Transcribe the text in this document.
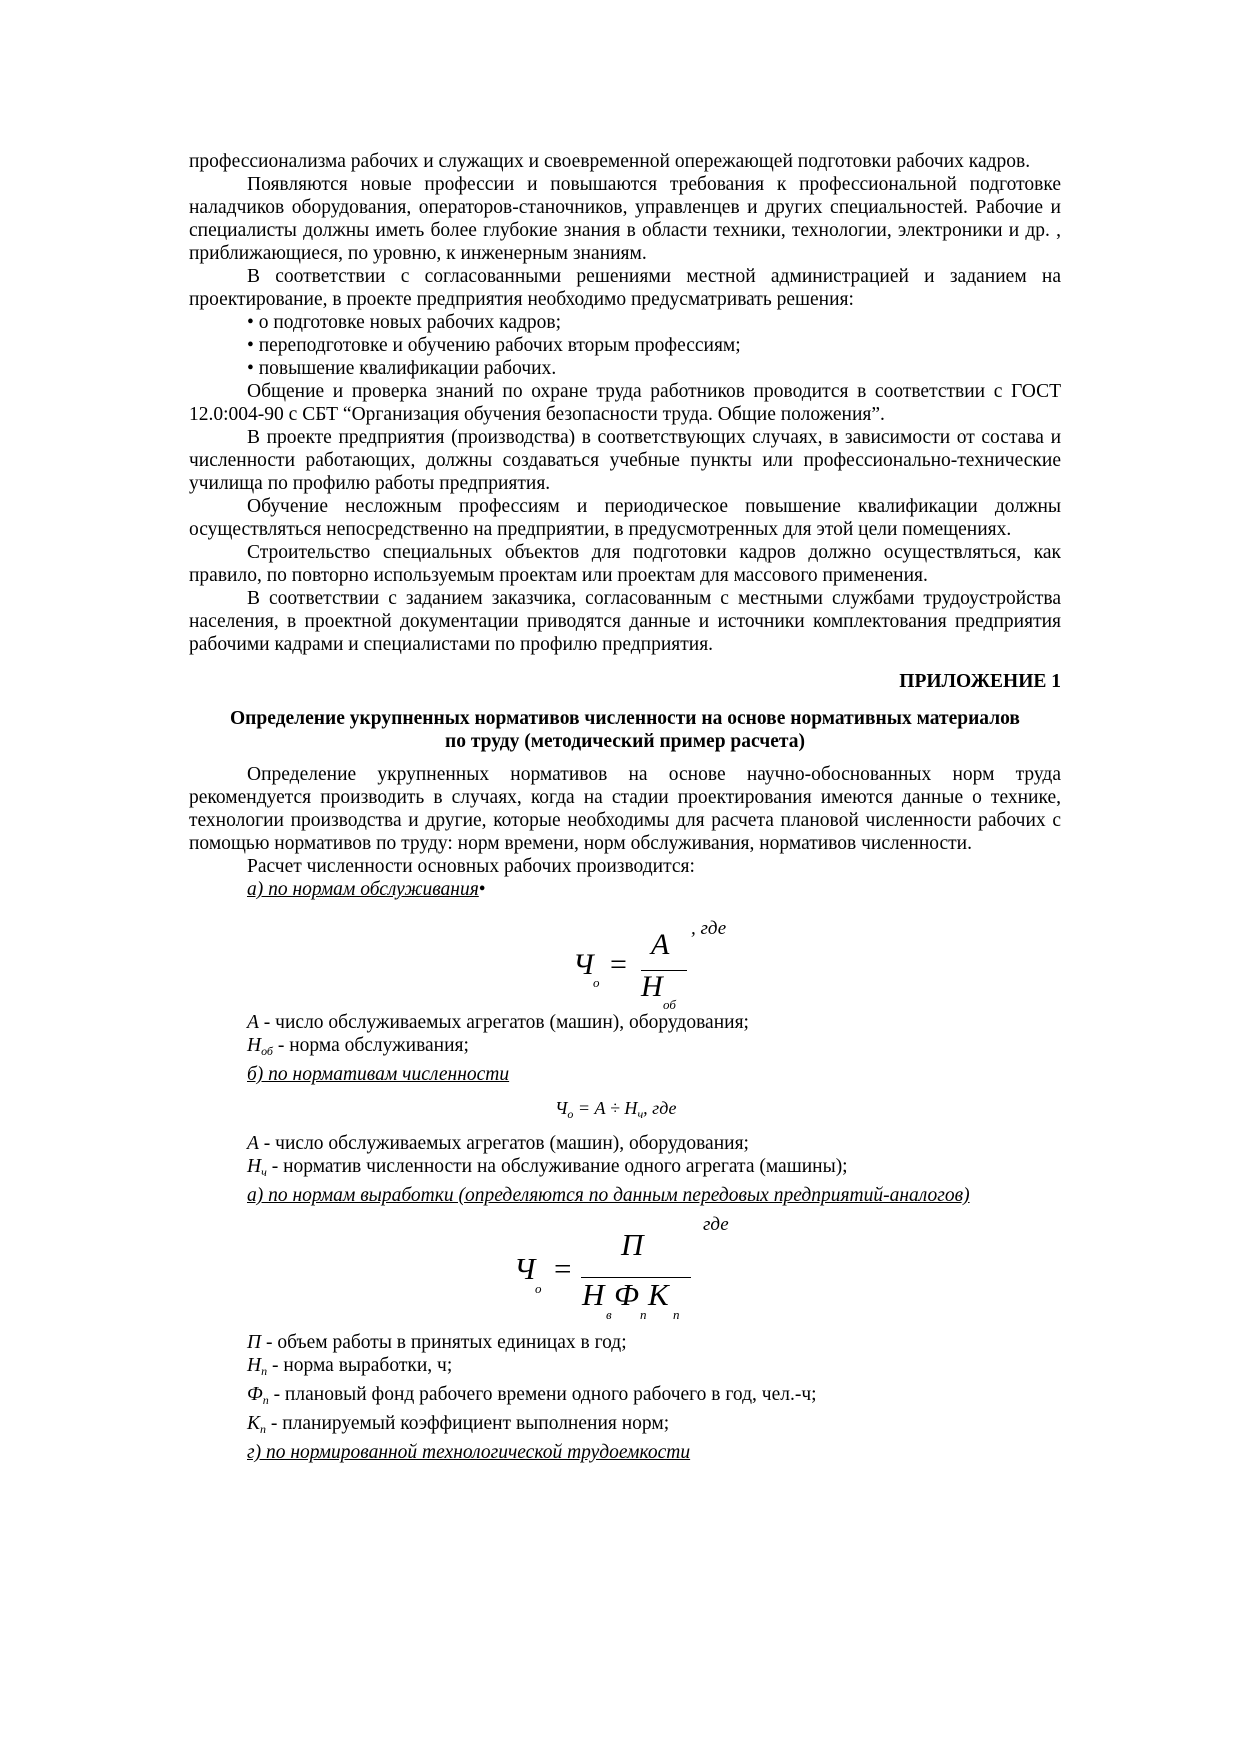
профессионализма рабочих и служащих и своевременной опережающей подготовки рабочих кадров.

Появляются новые профессии и повышаются требования к профессиональной подготовке наладчиков оборудования, операторов-станочников, управленцев и других специальностей. Рабочие и специалисты должны иметь более глубокие знания в области техники, технологии, электроники и др. , приближающиеся, по уровню, к инженерным знаниям.

В соответствии с согласованными решениями местной администрацией и заданием на проектирование, в проекте предприятия необходимо предусматривать решения:

• о подготовке новых рабочих кадров;

• переподготовке и обучению рабочих вторым профессиям;

• повышение квалификации рабочих.

Общение и проверка знаний по охране труда работников проводится в соответствии с ГОСТ 12.0:004-90 с СБТ “Организация обучения безопасности труда. Общие положения”.

В проекте предприятия (производства) в соответствующих случаях, в зависимости от состава и численности работающих, должны создаваться учебные пункты или профессионально-технические училища по профилю работы предприятия.

Обучение несложным профессиям и периодическое повышение квалификации должны осуществляться непосредственно на предприятии, в предусмотренных для этой цели помещениях.

Строительство специальных объектов для подготовки кадров должно осуществляться, как правило, по повторно используемым проектам или проектам для массового применения.

В соответствии с заданием заказчика, согласованным с местными службами трудоустройства населения, в проектной документации приводятся данные и источники комплектования предприятия рабочими кадрами и специалистами по профилю предприятия.

ПРИЛОЖЕНИЕ 1

Определение укрупненных нормативов численности на основе нормативных материалов
по труду (методический пример расчета)

Определение укрупненных нормативов на основе научно-обоснованных норм труда рекомендуется производить в случаях, когда на стадии проектирования имеются данные о технике, технологии производства и другие, которые необходимы для расчета плановой численности рабочих с помощью нормативов по труду: норм времени, норм обслуживания, нормативов численности.

Расчет численности основных рабочих производится:

а) по нормам обслуживания•

, где
Ч
о
=
А
Н
об

А - число обслуживаемых агрегатов (машин), оборудования;

$Н_{об}$ - норма обслуживания;

б) по нормативам численности

$Ч_о = А \div Н_ч$, где

А - число обслуживаемых агрегатов (машин), оборудования;

$Н_ч$ - норматив численности на обслуживание одного агрегата (машины);

а) по нормам выработки (определяются по данным передовых предприятий-аналогов)

где
Ч
о
=
П
Н
в
Ф
п
К
п

П - объем работы в принятых единицах в год;

$Н_п$ - норма выработки, ч;

$Ф_п$ - плановый фонд рабочего времени одного рабочего в год, чел.-ч;

$К_п$ - планируемый коэффициент выполнения норм;

г) по нормированной технологической трудоемкости
